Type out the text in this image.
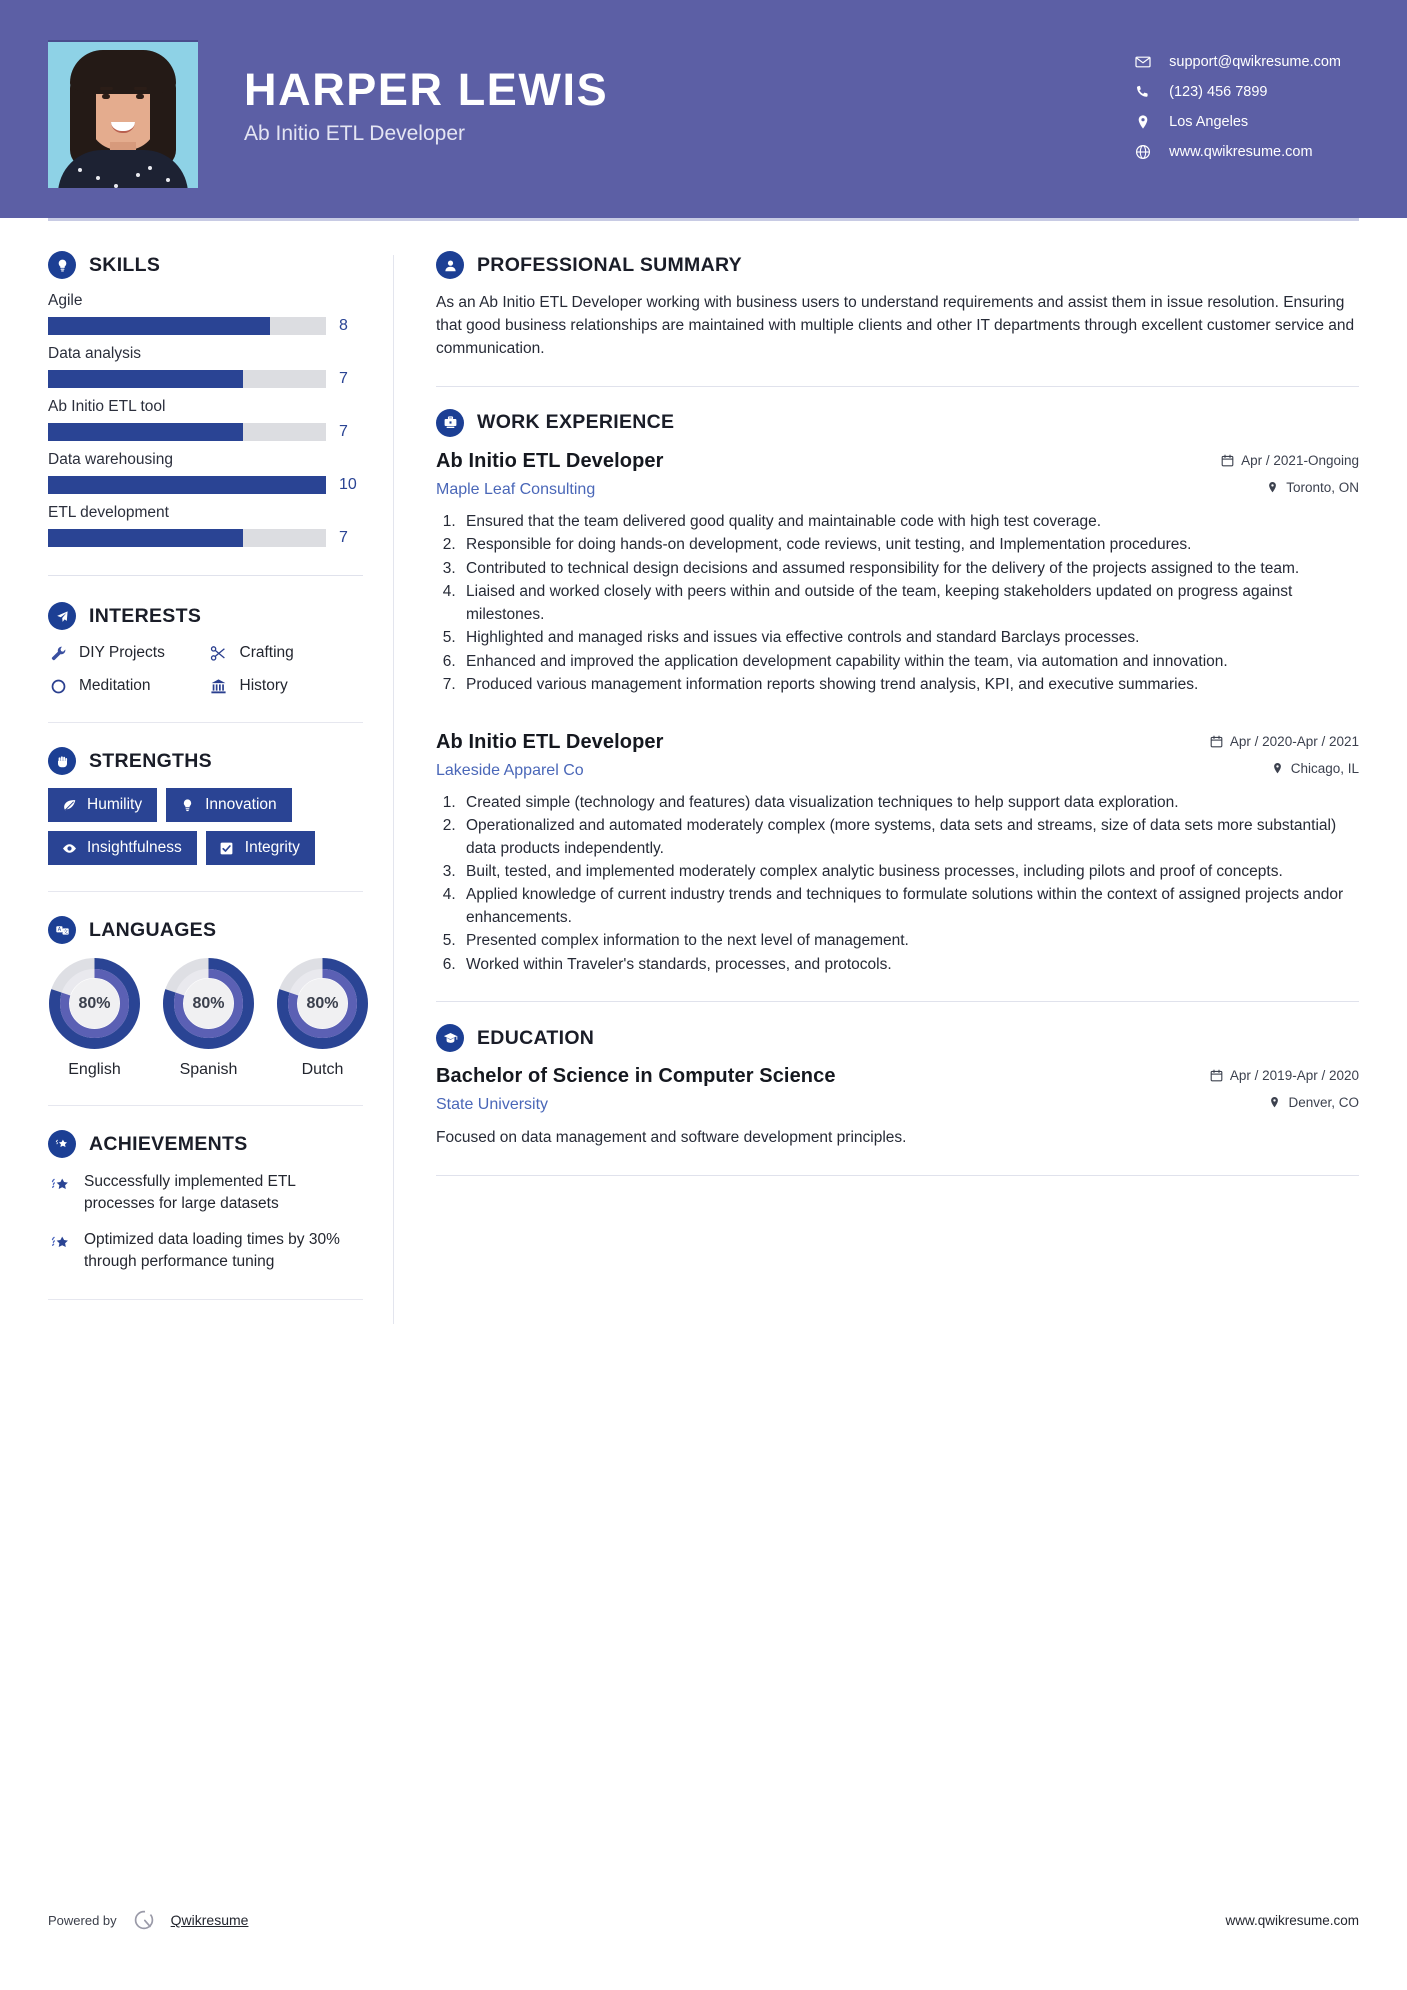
HARPER LEWIS
Ab Initio ETL Developer
support@qwikresume.com
(123) 456 7899
Los Angeles
www.qwikresume.com
SKILLS
Agile
8
Data analysis
7
Ab Initio ETL tool
7
Data warehousing
10
ETL development
7
INTERESTS
DIY Projects	Crafting
Meditation	History
STRENGTHS
Humility	Innovation
Insightfulness	Integrity
A 文 LANGUAGES
80%
English
80%
Spanish
80%
Dutch
ACHIEVEMENTS
Successfully implemented ETL processes for large datasets
Optimized data loading times by 30% through performance tuning
PROFESSIONAL SUMMARY
As an Ab Initio ETL Developer working with business users to understand requirements and assist them in issue resolution. Ensuring that good business relationships are maintained with multiple clients and other IT departments through excellent customer service and communication.
WORK EXPERIENCE
Ab Initio ETL Developer	Apr / 2021-Ongoing
Maple Leaf Consulting	Toronto, ON
1. Ensured that the team delivered good quality and maintainable code with high test coverage.
2. Responsible for doing hands-on development, code reviews, unit testing, and Implementation procedures.
3. Contributed to technical design decisions and assumed responsibility for the delivery of the projects assigned to the team.
4. Liaised and worked closely with peers within and outside of the team, keeping stakeholders updated on progress against milestones.
5. Highlighted and managed risks and issues via effective controls and standard Barclays processes.
6. Enhanced and improved the application development capability within the team, via automation and innovation.
7. Produced various management information reports showing trend analysis, KPI, and executive summaries.
Ab Initio ETL Developer	Apr / 2020-Apr / 2021
Lakeside Apparel Co	Chicago, IL
1. Created simple (technology and features) data visualization techniques to help support data exploration.
2. Operationalized and automated moderately complex (more systems, data sets and streams, size of data sets more substantial) data products independently.
3. Built, tested, and implemented moderately complex analytic business processes, including pilots and proof of concepts.
4. Applied knowledge of current industry trends and techniques to formulate solutions within the context of assigned projects andor enhancements.
5. Presented complex information to the next level of management.
6. Worked within Traveler's standards, processes, and protocols.
EDUCATION
Bachelor of Science in Computer Science	Apr / 2019-Apr / 2020
State University	Denver, CO
Focused on data management and software development principles.
Powered by	Qwikresume	www.qwikresume.com
